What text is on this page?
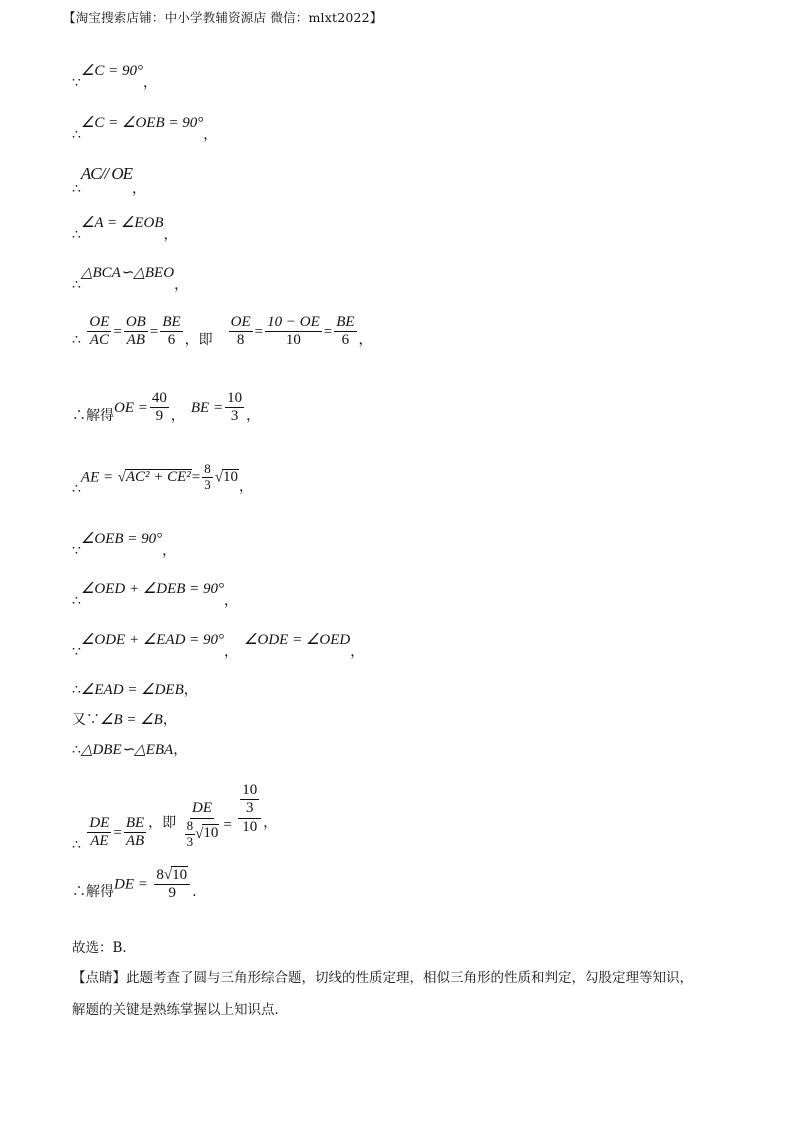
【淘宝搜索店铺：中小学教辅资源店 微信：mlxt2022】
∵∠C = 90°，
∴∠C = ∠OEB = 90°，
∴AC// OE，
∴∠A = ∠EOB，
∴△BCA∽△BEO，
∴ $\frac{OE}{AC} = \frac{OB}{AB} = \frac{BE}{6}$ ，即 $\frac{OE}{8} = \frac{10 - OE}{10} = \frac{BE}{6}$ ，
∴解得OE = $\frac{40}{9}$ ， BE = $\frac{10}{3}$ ，
∴AE = $√AC^2 + CE^2= \frac{8}{3} √10$，
∵∠OEB = 90°，
∴∠OED + ∠DEB = 90°，
∵∠ODE + ∠EAD = 90°，∠ODE = ∠OED，
∴∠EAD = ∠DEB，
又∵∠B = ∠B，
∴△DBE∽△EBA，
∴ $\frac{DE}{AE} = \frac{BE}{AB}$ ，即 $\frac{DE}{\frac{8}{3} √10} = \frac{\frac{10}{3}}{10}$ ，
∴解得DE = $\frac{8√10}{9}$ .
故选：B．
【点睛】此题考查了圆与三角形综合题，切线的性质定理，相似三角形的性质和判定，勾股定理等知识，
解题的关键是熟练掌握以上知识点．
